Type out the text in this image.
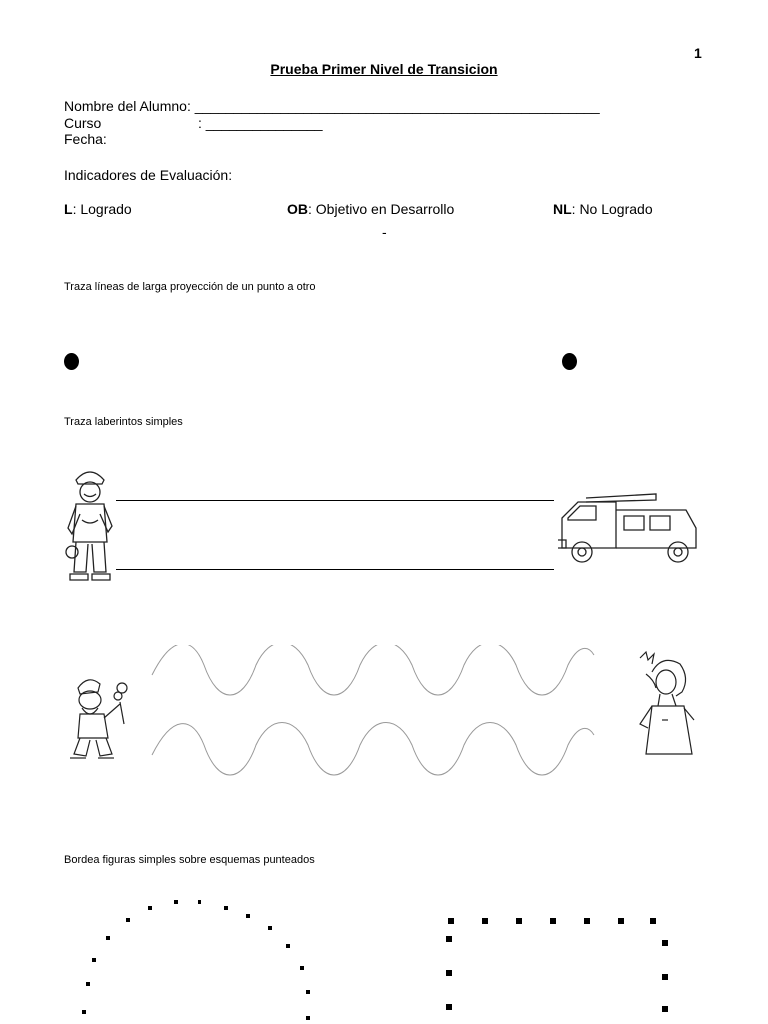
1
Prueba Primer Nivel de Transicion
Nombre del Alumno: ____________________________________________________
Curso	: _______________
Fecha:
Indicadores de Evaluación:
L: Logrado	OB: Objetivo en Desarrollo	NL: No Logrado
-
Traza líneas de larga proyección de un punto a otro
Traza laberintos simples
Bordea figuras simples sobre esquemas punteados
